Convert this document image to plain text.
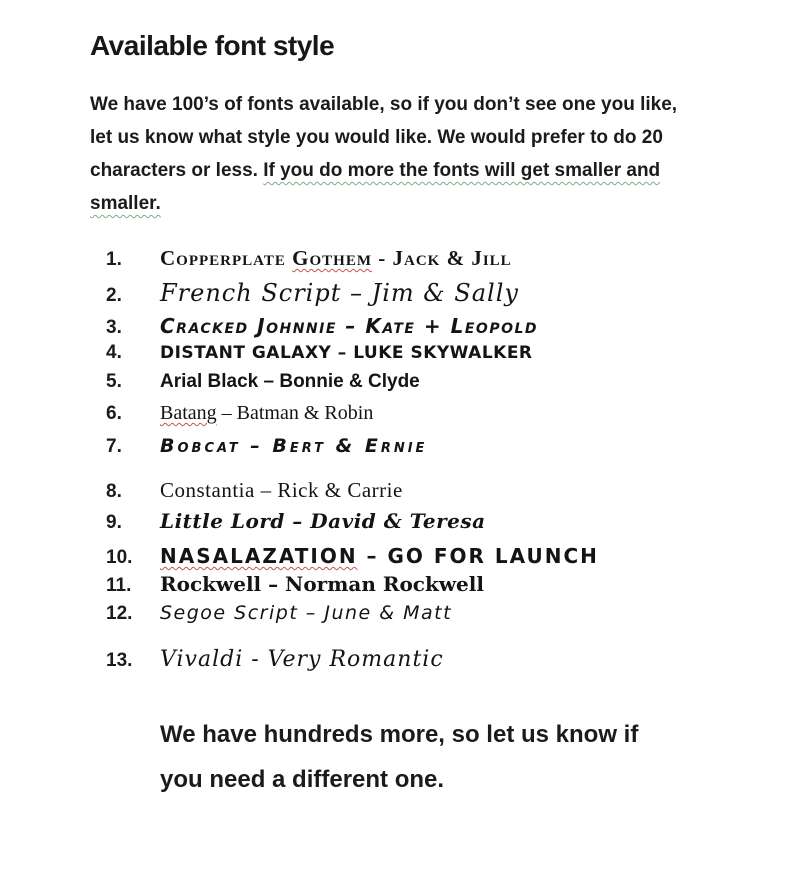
Available font style

We have 100’s of fonts available, so if you don’t see one you like, let us know what style you would like. We would prefer to do 20 characters or less. If you do more the fonts will get smaller and smaller.

1.	Copperplate Gothem - Jack & Jill
2.	French Script – Jim & Sally
3.	Cracked Johnnie – Kate + Leopold
4.	DISTANT GALAXY – LUKE SKYWALKER
5.	Arial Black – Bonnie & Clyde
6.	Batang – Batman & Robin
7.	Bobcat – Bert & Ernie
8.	Constantia – Rick & Carrie
9.	Little Lord – David & Teresa
10.	NASALAZATION – GO FOR LAUNCH
11.	Rockwell – Norman Rockwell
12.	Segoe Script – June & Matt
13.	Vivaldi - Very Romantic

We have hundreds more, so let us know if you need a different one.
